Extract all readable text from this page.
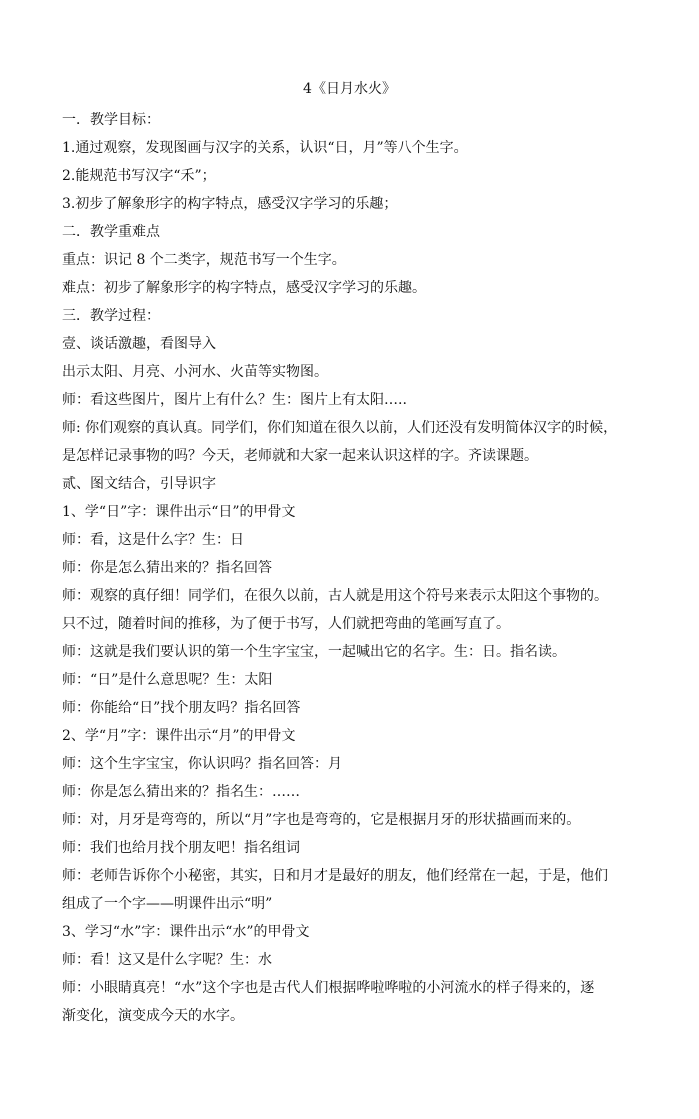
4《日月水火》

一．教学目标：

1.通过观察，发现图画与汉字的关系，认识“日，月”等八个生字。

2.能规范书写汉字“禾”；

3.初步了解象形字的构字特点，感受汉字学习的乐趣；

二．教学重难点

重点：识记 8 个二类字，规范书写一个生字。

难点：初步了解象形字的构字特点，感受汉字学习的乐趣。

三．教学过程：

壹、谈话激趣，看图导入

出示太阳、月亮、小河水、火苗等实物图。

师：看这些图片，图片上有什么？生：图片上有太阳…..

师: 你们观察的真认真。同学们，你们知道在很久以前，人们还没有发明简体汉字的时候，

是怎样记录事物的吗？今天，老师就和大家一起来认识这样的字。齐读课题。

贰、图文结合，引导识字

1、学“日”字：课件出示“日”的甲骨文

师：看，这是什么字？生：日

师：你是怎么猜出来的？指名回答

师：观察的真仔细！同学们，在很久以前，古人就是用这个符号来表示太阳这个事物的。

只不过，随着时间的推移，为了便于书写，人们就把弯曲的笔画写直了。

师：这就是我们要认识的第一个生字宝宝，一起喊出它的名字。生：日。指名读。

师：“日”是什么意思呢？生：太阳

师：你能给“日”找个朋友吗？指名回答

2、学“月”字：课件出示“月”的甲骨文

师：这个生字宝宝，你认识吗？指名回答：月

师：你是怎么猜出来的？指名生：……

师：对，月牙是弯弯的，所以“月”字也是弯弯的，它是根据月牙的形状描画而来的。

师：我们也给月找个朋友吧！指名组词

师：老师告诉你个小秘密，其实，日和月才是最好的朋友，他们经常在一起，于是，他们

组成了一个字——明课件出示“明”

3、学习“水”字：课件出示“水”的甲骨文

师：看！这又是什么字呢？生：水

师：小眼睛真亮！“水”这个字也是古代人们根据哗啦哗啦的小河流水的样子得来的，逐

渐变化，演变成今天的水字。
